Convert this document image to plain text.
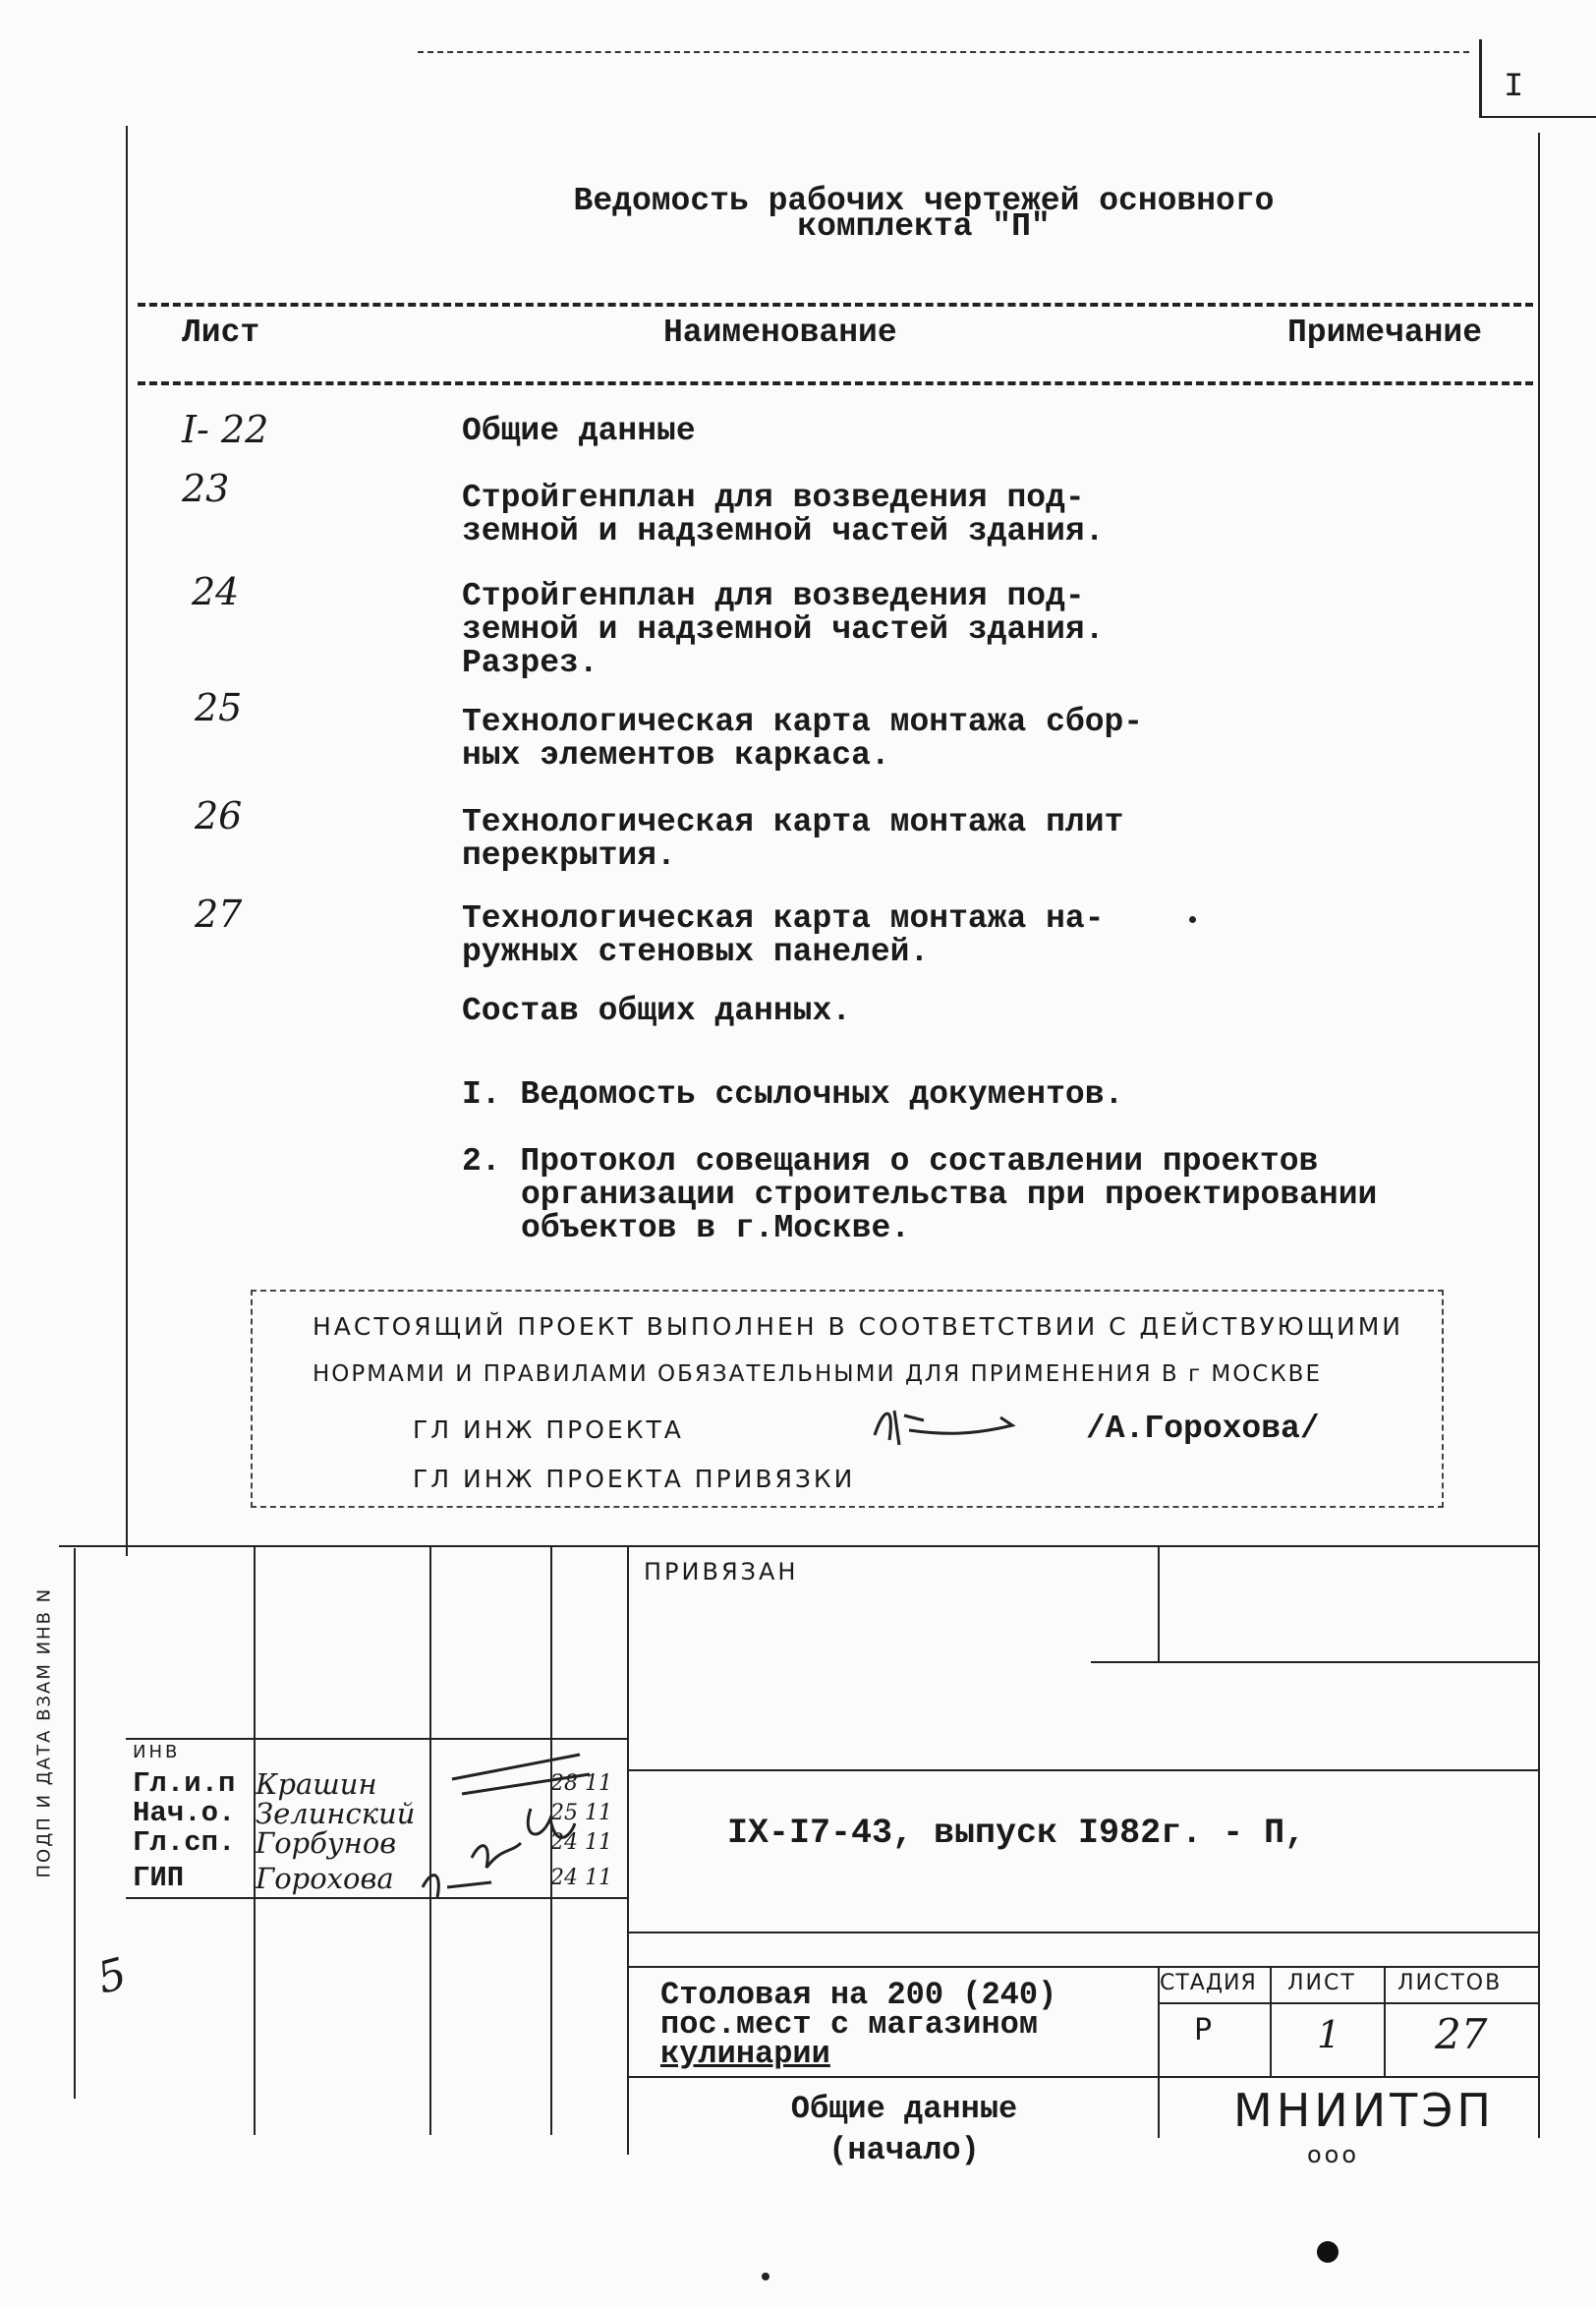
I
Ведомость рабочих чертежей основного
комплекта "П"
Лист	Наименование	Примечание
I- 22	Общие данные
23	Стройгенплан для возведения под-
земной и надземной частей здания.
24	Стройгенплан для возведения под-
земной и надземной частей здания.
Разрез.
25	Технологическая карта монтажа сбор-
ных элементов каркаса.
26	Технологическая карта монтажа плит
перекрытия.
27	Технологическая карта монтажа на-
ружных стеновых панелей.
Состав общих данных.
I. Ведомость ссылочных документов.
2. Протокол совещания о составлении проектов
организации строительства при проектировании
объектов в г.Москве.
НАСТОЯЩИЙ ПРОЕКТ ВЫПОЛНЕН В СООТВЕТСТВИИ С ДЕЙСТВУЮЩИМИ
НОРМАМИ И ПРАВИЛАМИ ОБЯЗАТЕЛЬНЫМИ ДЛЯ ПРИМЕНЕНИЯ В г МОСКВЕ
ГЛ ИНЖ ПРОЕКТА	/А.Горохова/
ГЛ ИНЖ ПРОЕКТА ПРИВЯЗКИ
ПРИВЯЗАН
ИНВ
Гл.и.п Крашин	28 11
Нач.о. Зелинский	25 11
Гл.сп. Горбунов	24 11
ГИП	Горохова	24 11
IX-I7-43, выпуск I982г. - П,
Столовая на 200 (240)
пос.мест с магазином
кулинарии
СТАДИЯ ЛИСТ ЛИСТОВ
Р	1 27
Общие данные
(начало)
МНИИТЭП
ооо
ПОДП И ДАТА ВЗАМ ИНВ N
5
